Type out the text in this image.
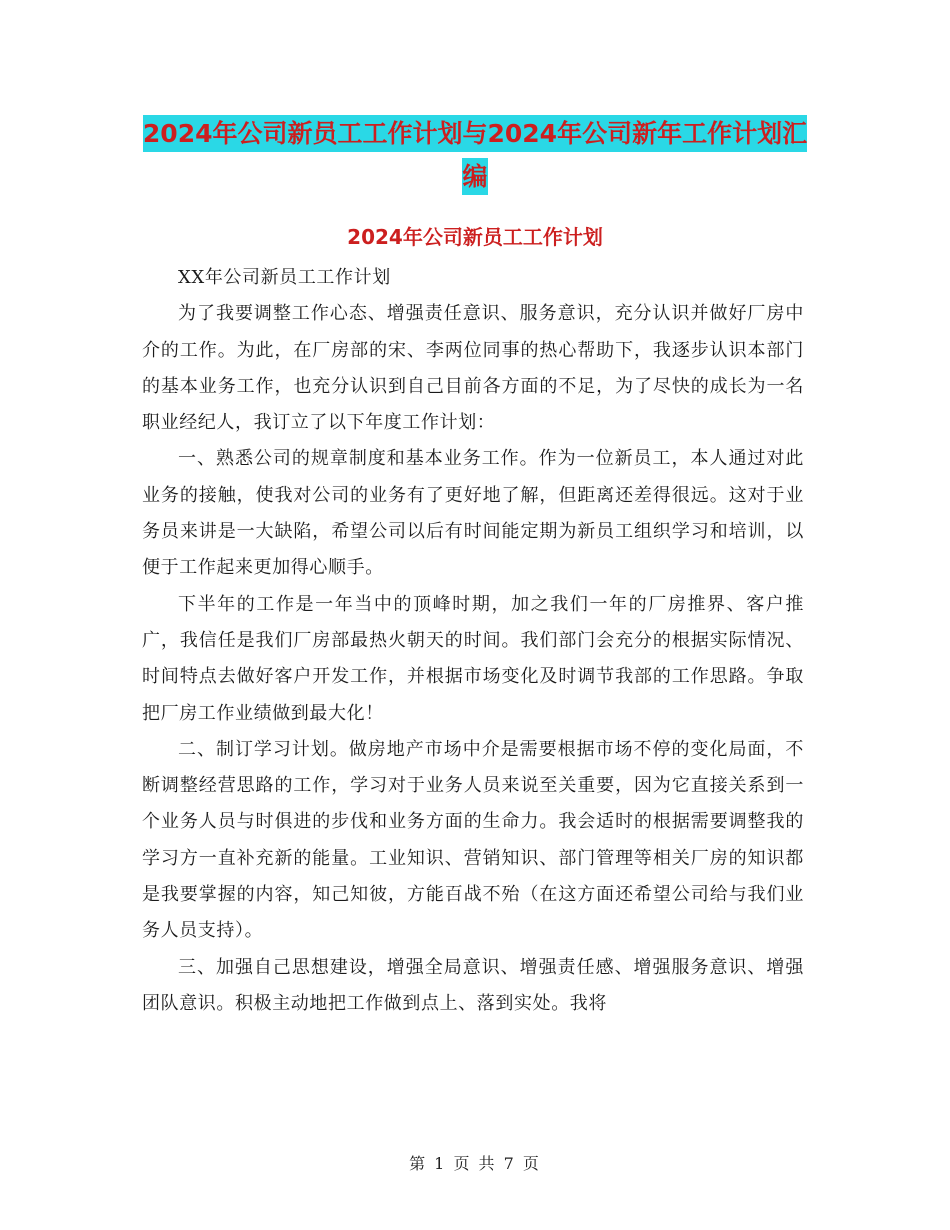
2024年公司新员工工作计划与2024年公司新年工作计划汇编
2024年公司新员工工作计划

XX年公司新员工工作计划

为了我要调整工作心态、增强责任意识、服务意识，充分认识并做好厂房中介的工作。为此，在厂房部的宋、李两位同事的热心帮助下，我逐步认识本部门的基本业务工作，也充分认识到自己目前各方面的不足，为了尽快的成长为一名职业经纪人，我订立了以下年度工作计划：

一、熟悉公司的规章制度和基本业务工作。作为一位新员工，本人通过对此业务的接触，使我对公司的业务有了更好地了解，但距离还差得很远。这对于业务员来讲是一大缺陷，希望公司以后有时间能定期为新员工组织学习和培训，以便于工作起来更加得心顺手。

下半年的工作是一年当中的顶峰时期，加之我们一年的厂房推界、客户推广，我信任是我们厂房部最热火朝天的时间。我们部门会充分的根据实际情况、时间特点去做好客户开发工作，并根据市场变化及时调节我部的工作思路。争取把厂房工作业绩做到最大化！

二、制订学习计划。做房地产市场中介是需要根据市场不停的变化局面，不断调整经营思路的工作，学习对于业务人员来说至关重要，因为它直接关系到一个业务人员与时俱进的步伐和业务方面的生命力。我会适时的根据需要调整我的学习方一直补充新的能量。工业知识、营销知识、部门管理等相关厂房的知识都是我要掌握的内容，知己知彼，方能百战不殆（在这方面还希望公司给与我们业务人员支持）。

三、加强自己思想建设，增强全局意识、增强责任感、增强服务意识、增强团队意识。积极主动地把工作做到点上、落到实处。我将

第 1 页 共 7 页
